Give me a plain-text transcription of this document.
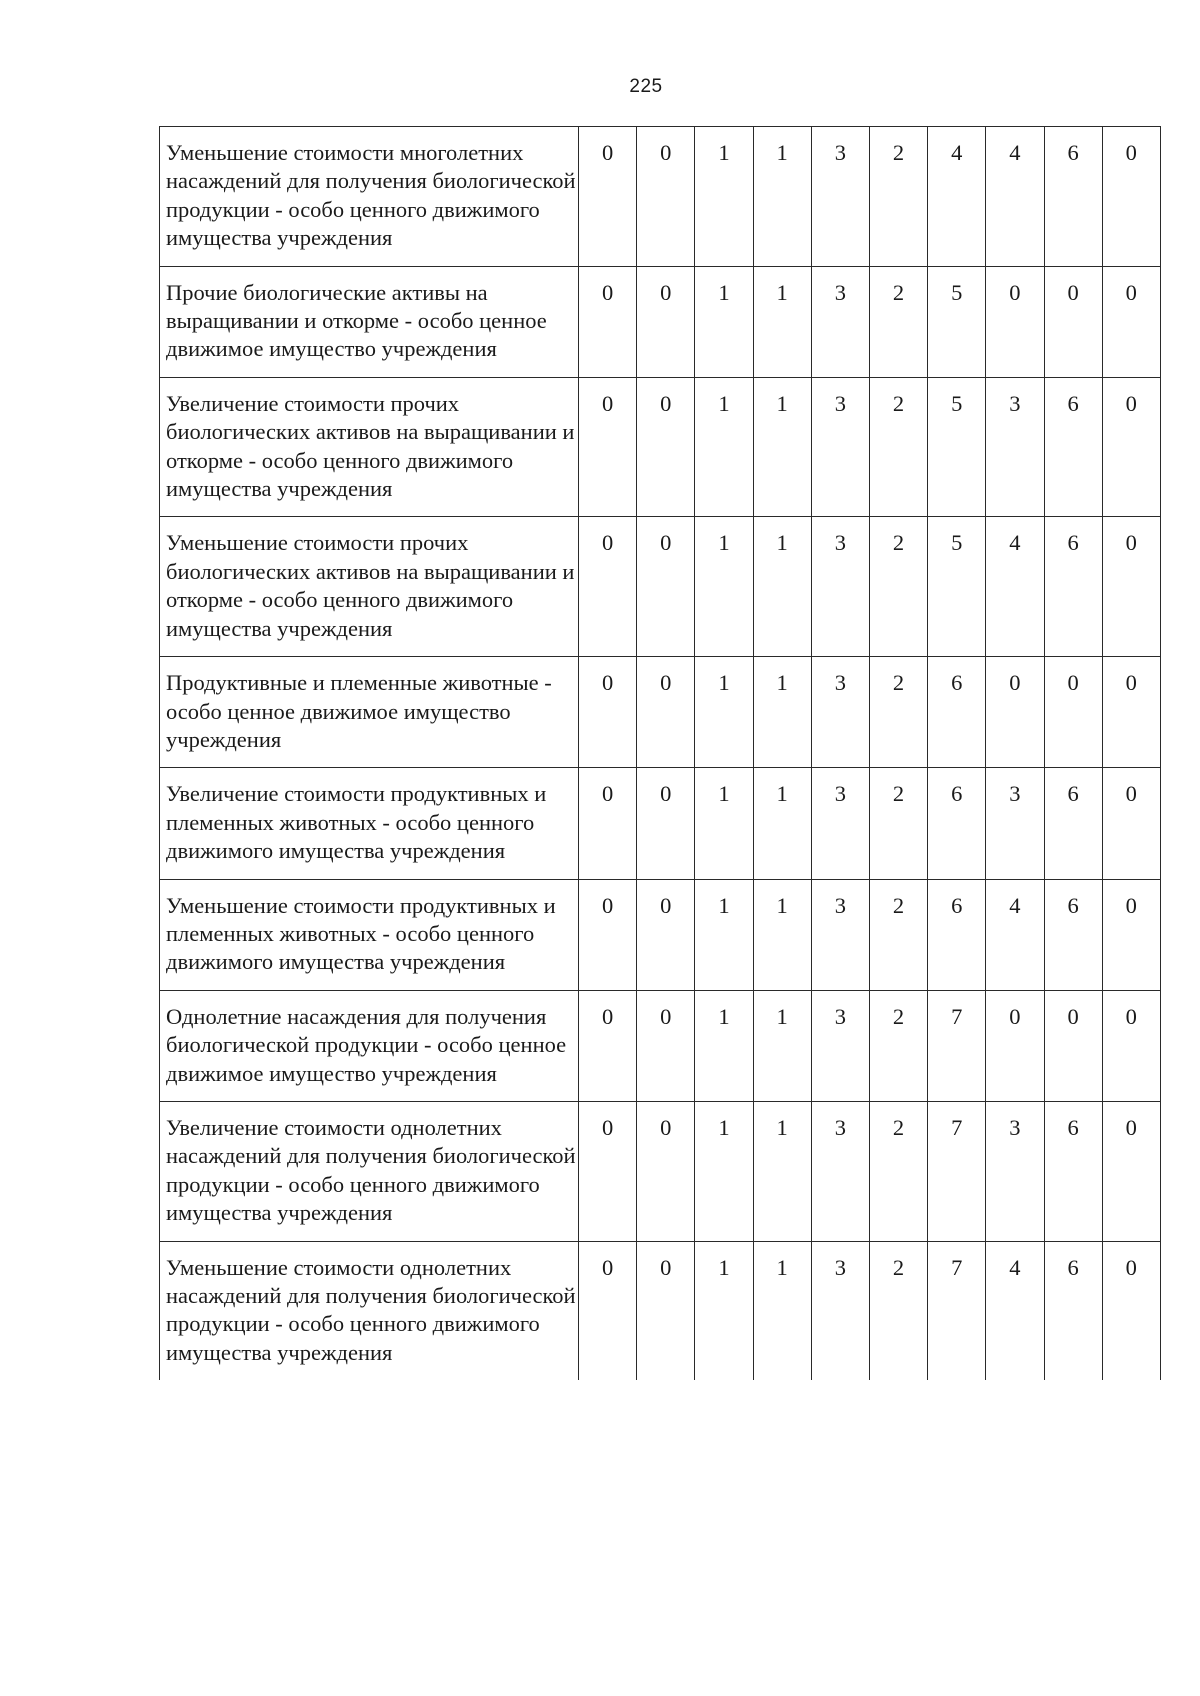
225
Уменьшение стоимости многолетних насаждений для получения биологической продукции - особо ценного движимого имущества учреждения	0	0	1	1	3	2	4	4	6	0
Прочие биологические активы на выращивании и откорме - особо ценное движимое имущество учреждения	0	0	1	1	3	2	5	0	0	0
Увеличение стоимости прочих биологических активов на выращивании и откорме - особо ценного движимого имущества учреждения	0	0	1	1	3	2	5	3	6	0
Уменьшение стоимости прочих биологических активов на выращивании и откорме - особо ценного движимого имущества учреждения	0	0	1	1	3	2	5	4	6	0
Продуктивные и племенные животные - особо ценное движимое имущество учреждения	0	0	1	1	3	2	6	0	0	0
Увеличение стоимости продуктивных и племенных животных - особо ценного движимого имущества учреждения	0	0	1	1	3	2	6	3	6	0
Уменьшение стоимости продуктивных и племенных животных - особо ценного движимого имущества учреждения	0	0	1	1	3	2	6	4	6	0
Однолетние насаждения для получения биологической продукции - особо ценное движимое имущество учреждения	0	0	1	1	3	2	7	0	0	0
Увеличение стоимости однолетних насаждений для получения биологической продукции - особо ценного движимого имущества учреждения	0	0	1	1	3	2	7	3	6	0
Уменьшение стоимости однолетних насаждений для получения биологической продукции - особо ценного движимого имущества учреждения	0	0	1	1	3	2	7	4	6	0
